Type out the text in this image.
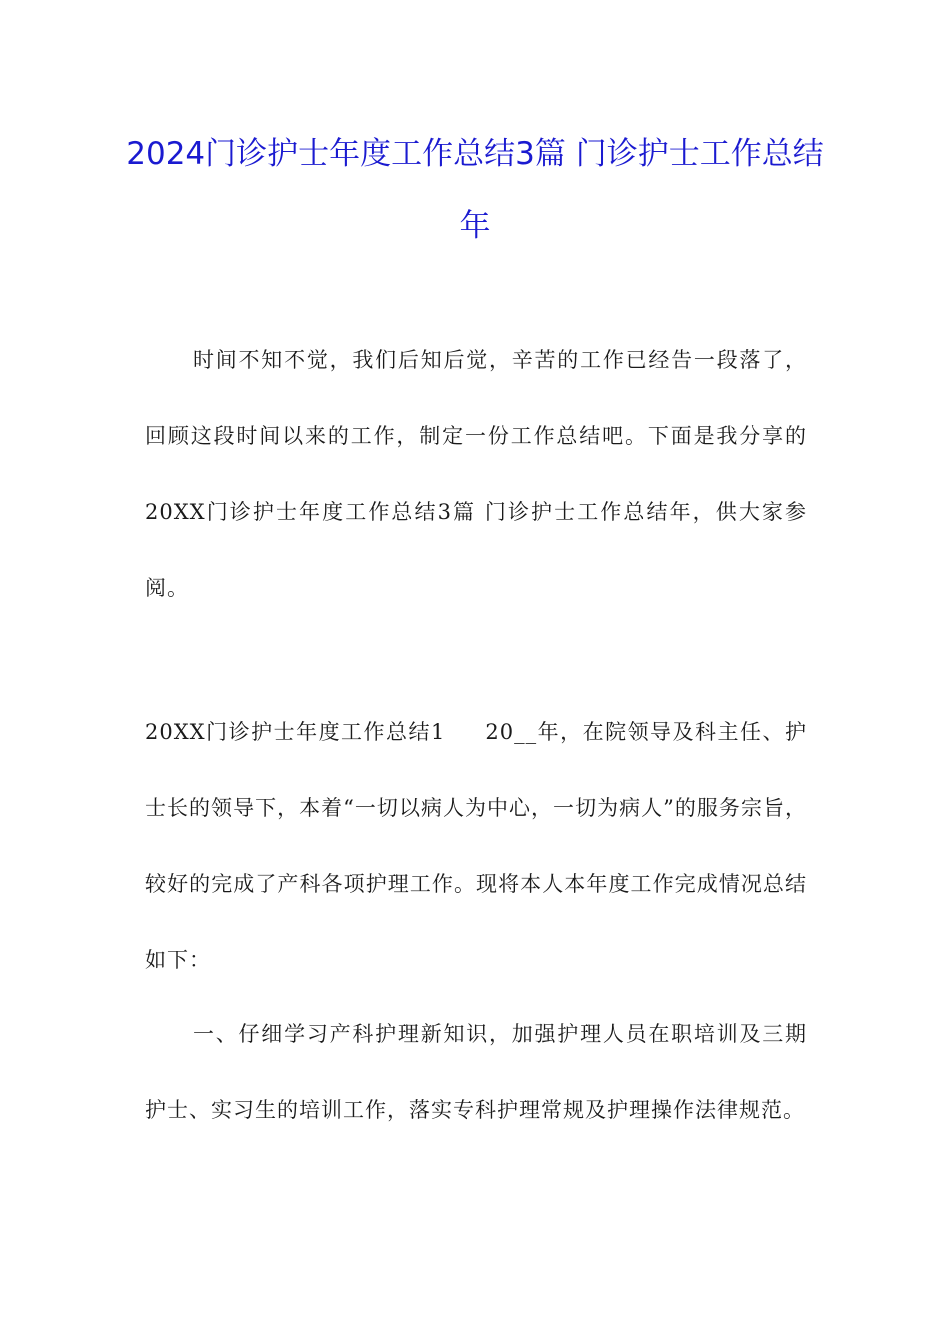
2024门诊护士年度工作总结3篇 门诊护士工作总结年

时间不知不觉，我们后知后觉，辛苦的工作已经告一段落了，回顾这段时间以来的工作，制定一份工作总结吧。下面是我分享的20XX门诊护士年度工作总结3篇 门诊护士工作总结年，供大家参阅。

20XX门诊护士年度工作总结1 20__年，在院领导及科主任、护士长的领导下，本着“一切以病人为中心，一切为病人”的服务宗旨，较好的完成了产科各项护理工作。现将本人本年度工作完成情况总结如下：

一、仔细学习产科护理新知识，加强护理人员在职培训及三期护士、实习生的培训工作，落实专科护理常规及护理操作法律规范。
